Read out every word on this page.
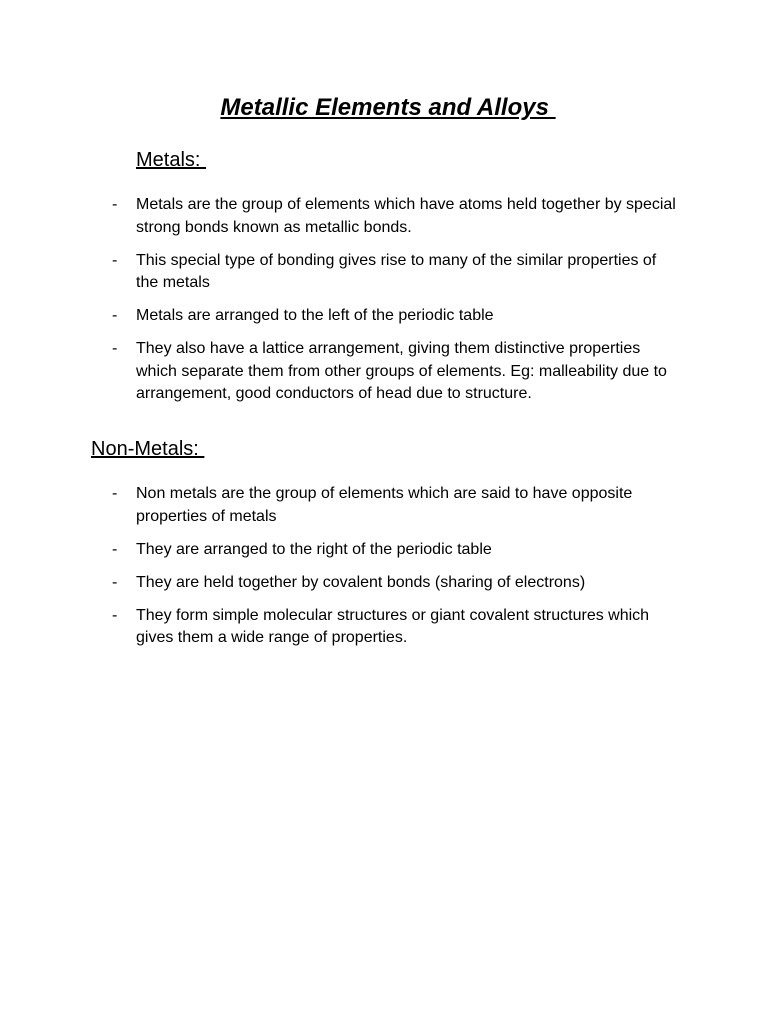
Metallic Elements and Alloys
Metals:
- Metals are the group of elements which have atoms held together by special strong bonds known as metallic bonds.
- This special type of bonding gives rise to many of the similar properties of the metals
- Metals are arranged to the left of the periodic table
- They also have a lattice arrangement, giving them distinctive properties which separate them from other groups of elements. Eg: malleability due to arrangement, good conductors of head due to structure.
Non-Metals:
- Non metals are the group of elements which are said to have opposite properties of metals
- They are arranged to the right of the periodic table
- They are held together by covalent bonds (sharing of electrons)
- They form simple molecular structures or giant covalent structures which gives them a wide range of properties.
